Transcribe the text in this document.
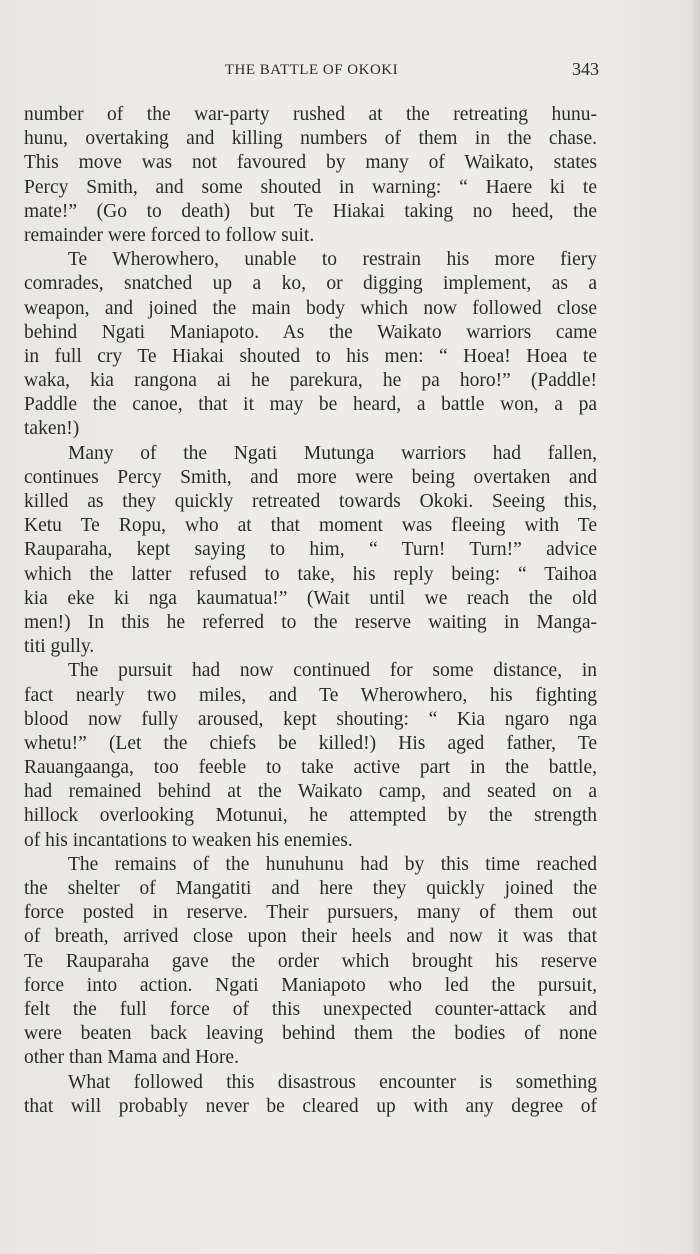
THE BATTLE OF OKOKI	343
number of the war-party rushed at the retreating hunu-
hunu, overtaking and killing numbers of them in the chase.
This move was not favoured by many of Waikato, states
Percy Smith, and some shouted in warning: “ Haere ki te
mate!” (Go to death) but Te Hiakai taking no heed, the
remainder were forced to follow suit.
Te Wherowhero, unable to restrain his more fiery
comrades, snatched up a ko, or digging implement, as a
weapon, and joined the main body which now followed close
behind Ngati Maniapoto. As the Waikato warriors came
in full cry Te Hiakai shouted to his men: “ Hoea! Hoea te
waka, kia rangona ai he parekura, he pa horo!” (Paddle!
Paddle the canoe, that it may be heard, a battle won, a pa
taken!)
Many of the Ngati Mutunga warriors had fallen,
continues Percy Smith, and more were being overtaken and
killed as they quickly retreated towards Okoki. Seeing this,
Ketu Te Ropu, who at that moment was fleeing with Te
Rauparaha, kept saying to him, “ Turn! Turn!” advice
which the latter refused to take, his reply being: “ Taihoa
kia eke ki nga kaumatua!” (Wait until we reach the old
men!) In this he referred to the reserve waiting in Manga-
titi gully.
The pursuit had now continued for some distance, in
fact nearly two miles, and Te Wherowhero, his fighting
blood now fully aroused, kept shouting: “ Kia ngaro nga
whetu!” (Let the chiefs be killed!) His aged father, Te
Rauangaanga, too feeble to take active part in the battle,
had remained behind at the Waikato camp, and seated on a
hillock overlooking Motunui, he attempted by the strength
of his incantations to weaken his enemies.
The remains of the hunuhunu had by this time reached
the shelter of Mangatiti and here they quickly joined the
force posted in reserve. Their pursuers, many of them out
of breath, arrived close upon their heels and now it was that
Te Rauparaha gave the order which brought his reserve
force into action. Ngati Maniapoto who led the pursuit,
felt the full force of this unexpected counter-attack and
were beaten back leaving behind them the bodies of none
other than Mama and Hore.
What followed this disastrous encounter is something
that will probably never be cleared up with any degree of
